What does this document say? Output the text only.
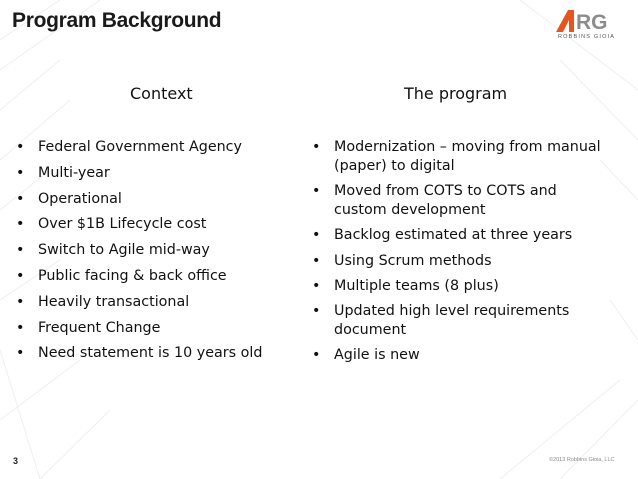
Program Background	RG
ROBBINS GIOIA
Context	The program
• Federal Government Agency
• Multi-year
• Operational
• Over $1B Lifecycle cost
• Switch to Agile mid-way
• Public facing & back office
• Heavily transactional
• Frequent Change
• Need statement is 10 years old
• Modernization – moving from manual (paper) to digital
• Moved from COTS to COTS and custom development
• Backlog estimated at three years
• Using Scrum methods
• Multiple teams (8 plus)
• Updated high level requirements document
• Agile is new
3	©2013 Robbins Gioia, LLC
